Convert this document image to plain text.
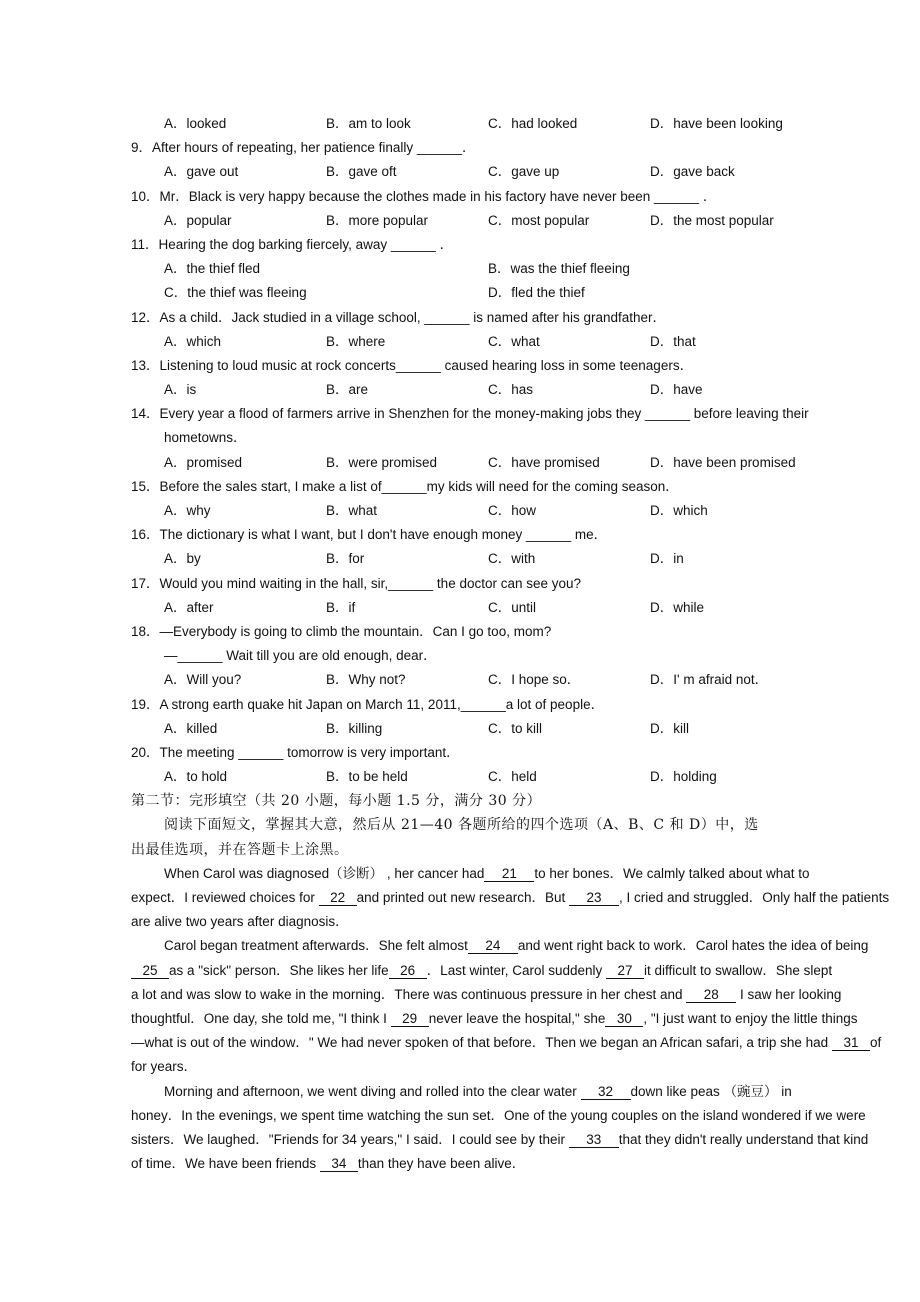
A．looked	B．am to look	C．had looked	D．have been looking
9．After hours of repeating, her patience finally ______．
A．gave out	B．gave oft	C．gave up	D．gave back
10．Mr．Black is very happy because the clothes made in his factory have never been ______ ．
A．popular	B．more popular	C．most popular	D．the most popular
11．Hearing the dog barking fiercely, away ______ ．
A．the thief fled	B．was the thief fleeing
C．the thief was fleeing	D．fled the thief
12．As a child．Jack studied in a village school, ______ is named after his grandfather．
A．which	B．where	C．what	D．that
13．Listening to loud music at rock concerts______ caused hearing loss in some teenagers．
A．is	B．are	C．has	D．have
14．Every year a flood of farmers arrive in Shenzhen for the money-making jobs they ______ before leaving their
hometowns．
A．promised	B．were promised	C．have promised	D．have been promised
15．Before the sales start, I make a list of______my kids will need for the coming season．
A．why	B．what	C．how	D．which
16．The dictionary is what I want, but I don't have enough money ______ me．
A．by	B．for	C．with	D．in
17．Would you mind waiting in the hall, sir,______ the doctor can see you?
A．after	B．if	C．until	D．while
18．—Everybody is going to climb the mountain．Can I go too, mom?
—______ Wait till you are old enough, dear．
A．Will you?	B．Why not?	C．I hope so．	D．I' m afraid not．
19．A strong earth quake hit Japan on March 11, 2011,______a lot of people．
A．killed	B．killing	C．to kill	D．kill
20．The meeting ______ tomorrow is very important．
A．to hold	B．to be held	C．held	D．holding
第二节：完形填空（共 20 小题，每小题 1.5 分，满分 30 分）
阅读下面短文，掌握其大意，然后从 21—40 各题所给的四个选项（A、B、C 和 D）中，选
出最佳选项，并在答题卡上涂黑。
When Carol was diagnosed（诊断） , her cancer had 21 to her bones．We calmly talked about what to
expect．I reviewed choices for 22 and printed out new research．But 23 , I cried and struggled．Only half the patients
are alive two years after diagnosis．
Carol began treatment afterwards．She felt almost 24 and went right back to work．Carol hates the idea of being
25 as a "sick" person．She likes her life 26 ．Last winter, Carol suddenly 27 it difficult to swallow．She slept
a lot and was slow to wake in the morning．There was continuous pressure in her chest and 28 I saw her looking
thoughtful．One day, she told me, "I think I 29 never leave the hospital," she 30 , "I just want to enjoy the little things
—what is out of the window．" We had never spoken of that before．Then we began an African safari, a trip she had 31 of
for years．
Morning and afternoon, we went diving and rolled into the clear water 32 down like peas （豌豆） in
honey．In the evenings, we spent time watching the sun set．One of the young couples on the island wondered if we were
sisters．We laughed．"Friends for 34 years," I said．I could see by their 33 that they didn't really understand that kind
of time．We have been friends 34 than they have been alive．
